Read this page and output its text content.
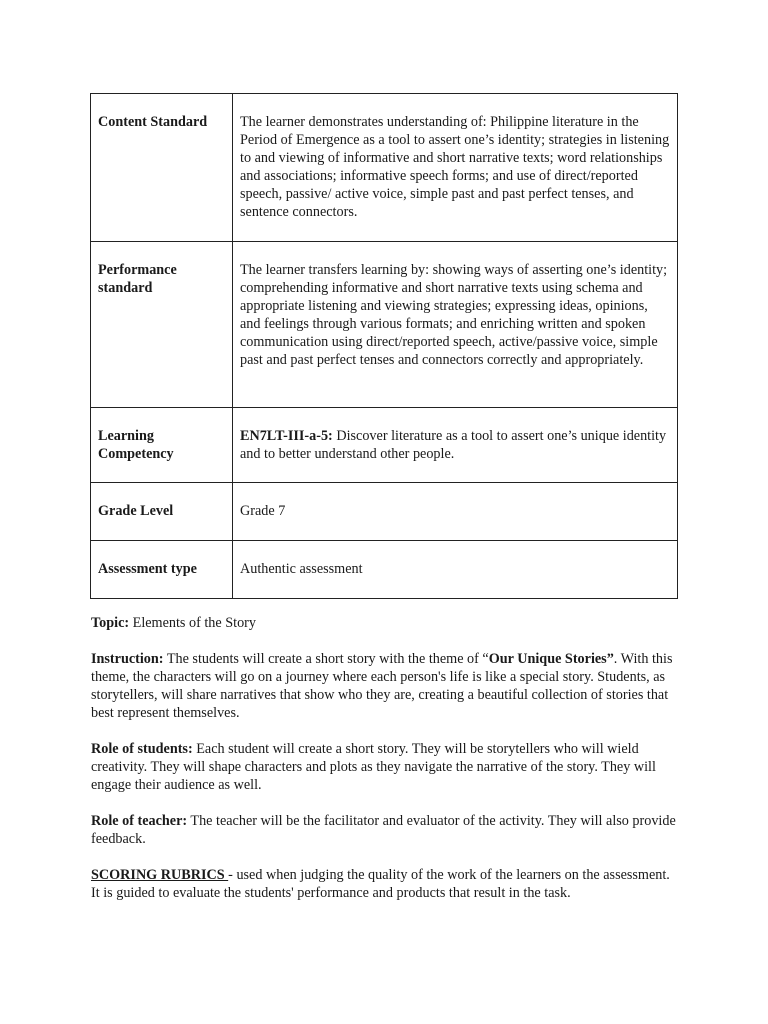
Content Standard	The learner demonstrates understanding of: Philippine literature in the Period of Emergence as a tool to assert one’s identity; strategies in listening to and viewing of informative and short narrative texts; word relationships and associations; informative speech forms; and use of direct/reported speech, passive/ active voice, simple past and past perfect tenses, and sentence connectors.
Performance standard	The learner transfers learning by: showing ways of asserting one’s identity; comprehending informative and short narrative texts using schema and appropriate listening and viewing strategies; expressing ideas, opinions, and feelings through various formats; and enriching written and spoken communication using direct/reported speech, active/passive voice, simple past and past perfect tenses and connectors correctly and appropriately.
Learning Competency	EN7LT-III-a-5: Discover literature as a tool to assert one’s unique identity and to better understand other people.
Grade Level	Grade 7
Assessment type	Authentic assessment

Topic: Elements of the Story

Instruction: The students will create a short story with the theme of “Our Unique Stories”. With this theme, the characters will go on a journey where each person's life is like a special story. Students, as storytellers, will share narratives that show who they are, creating a beautiful collection of stories that best represent themselves.

Role of students: Each student will create a short story. They will be storytellers who will wield creativity. They will shape characters and plots as they navigate the narrative of the story. They will engage their audience as well.

Role of teacher: The teacher will be the facilitator and evaluator of the activity. They will also provide feedback.

SCORING RUBRICS - used when judging the quality of the work of the learners on the assessment. It is guided to evaluate the students' performance and products that result in the task.
